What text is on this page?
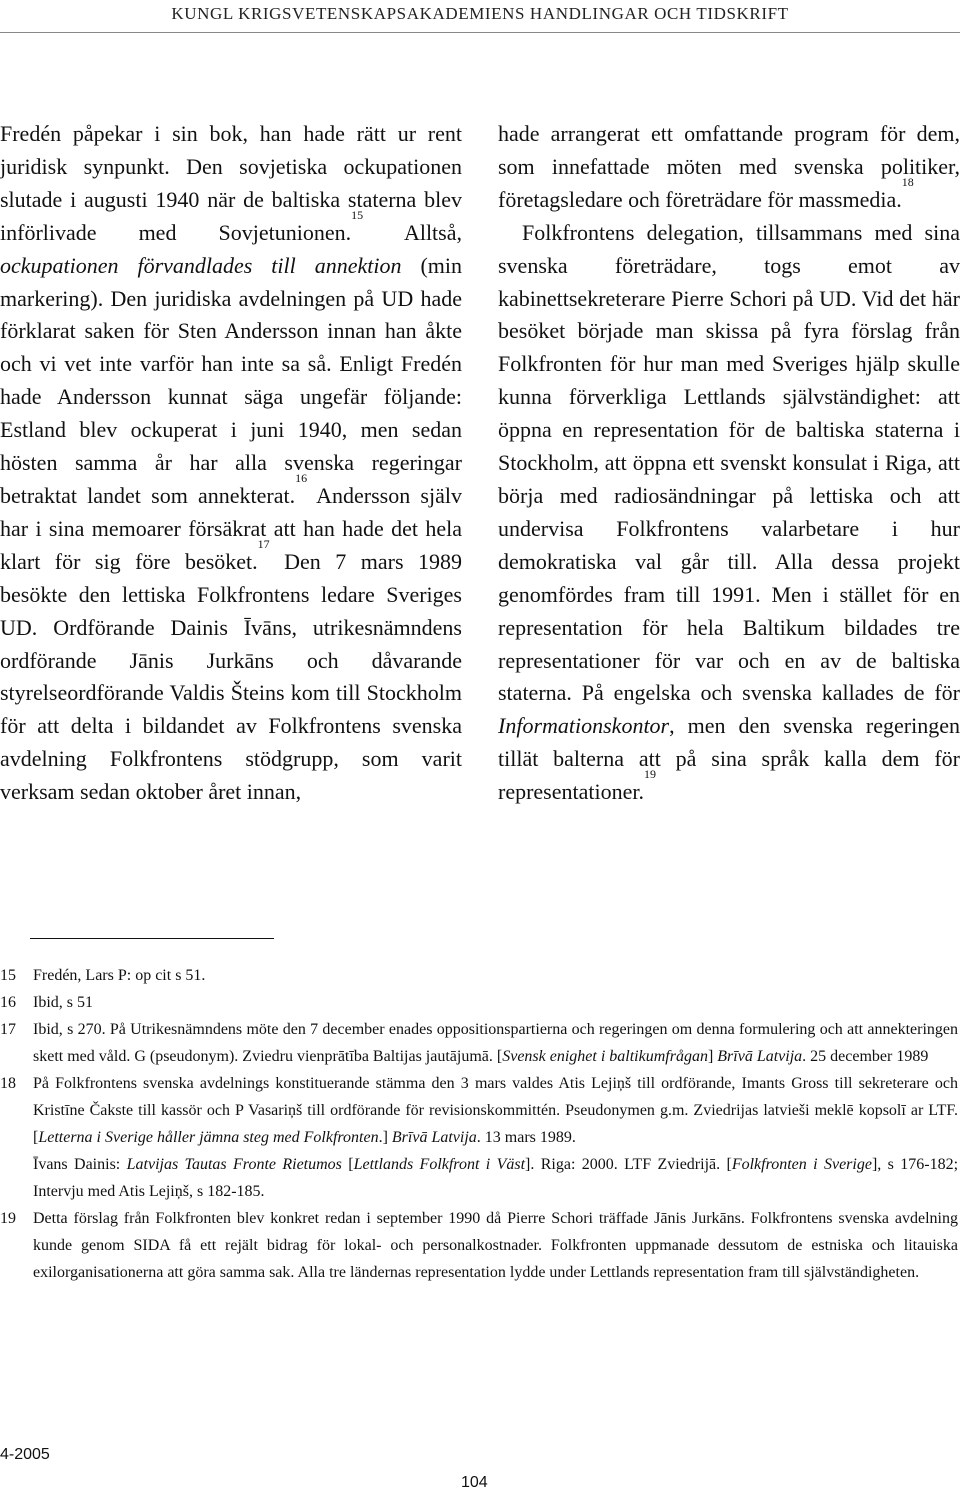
KUNGL KRIGSVETENSKAPSAKADEMIENS HANDLINGAR OCH TIDSKRIFT

Fredén påpekar i sin bok, han hade rätt ur rent juridisk synpunkt. Den sovjetiska ockupationen slutade i augusti 1940 när de baltiska staterna blev införlivade med Sovjetunionen.$^{15}$ Alltså, ockupationen förvandlades till annektion (min markering). Den juridiska avdelningen på UD hade förklarat saken för Sten Andersson innan han åkte och vi vet inte varför han inte sa så. Enligt Fredén hade Andersson kunnat säga ungefär följande: Estland blev ockuperat i juni 1940, men sedan hösten samma år har alla svenska regeringar betraktat landet som annekterat.$^{16}$ Andersson själv har i sina memoarer försäkrat att han hade det hela klart för sig före besöket.$^{17}$ Den 7 mars 1989 besökte den lettiska Folkfrontens ledare Sveriges UD. Ordförande Dainis Īvāns, utrikesnämndens ordförande Jānis Jurkāns och dåvarande styrelseordförande Valdis Šteins kom till Stockholm för att delta i bildandet av Folkfrontens svenska avdelning Folkfrontens stödgrupp, som varit verksam sedan oktober året innan,

hade arrangerat ett omfattande program för dem, som innefattade möten med svenska politiker, företagsledare och företrädare för massmedia.$^{18}$

Folkfrontens delegation, tillsammans med sina svenska företrädare, togs emot av kabinettsekreterare Pierre Schori på UD. Vid det här besöket började man skissa på fyra förslag från Folkfronten för hur man med Sveriges hjälp skulle kunna förverkliga Lettlands självständighet: att öppna en representation för de baltiska staterna i Stockholm, att öppna ett svenskt konsulat i Riga, att börja med radiosändningar på lettiska och att undervisa Folkfrontens valarbetare i hur demokratiska val går till. Alla dessa projekt genomfördes fram till 1991. Men i stället för en representation för hela Baltikum bildades tre representationer för var och en av de baltiska staterna. På engelska och svenska kallades de för Informationskontor, men den svenska regeringen tillät balterna att på sina språk kalla dem för representationer.$^{19}$

15	Fredén, Lars P: op cit s 51.
16	Ibid, s 51
17	Ibid, s 270. På Utrikesnämndens möte den 7 december enades oppositionspartierna och regeringen om denna formulering och att annekteringen skett med våld. G (pseudonym). Zviedru vienprātība Baltijas jautājumā. [Svensk enighet i baltikumfrågan] Brīvā Latvija. 25 december 1989
18	På Folkfrontens svenska avdelnings konstituerande stämma den 3 mars valdes Atis Lejiņš till ordförande, Imants Gross till sekreterare och Kristīne Čakste till kassör och P Vasariņš till ordförande för revisionskommittén. Pseudonymen g.m. Zviedrijas latvieši meklē kopsolī ar LTF. [Letterna i Sverige håller jämna steg med Folkfronten.] Brīvā Latvija. 13 mars 1989.
Īvans Dainis: Latvijas Tautas Fronte Rietumos [Lettlands Folkfront i Väst]. Riga: 2000. LTF Zviedrijā. [Folkfronten i Sverige], s 176-182; Intervju med Atis Lejiņš, s 182-185.
19	Detta förslag från Folkfronten blev konkret redan i september 1990 då Pierre Schori träffade Jānis Jurkāns. Folkfrontens svenska avdelning kunde genom SIDA få ett rejält bidrag för lokal- och personalkostnader. Folkfronten uppmanade dessutom de estniska och litauiska exilorganisationerna att göra samma sak. Alla tre ländernas representation lydde under Lettlands representation fram till självständigheten.
4-2005
104
